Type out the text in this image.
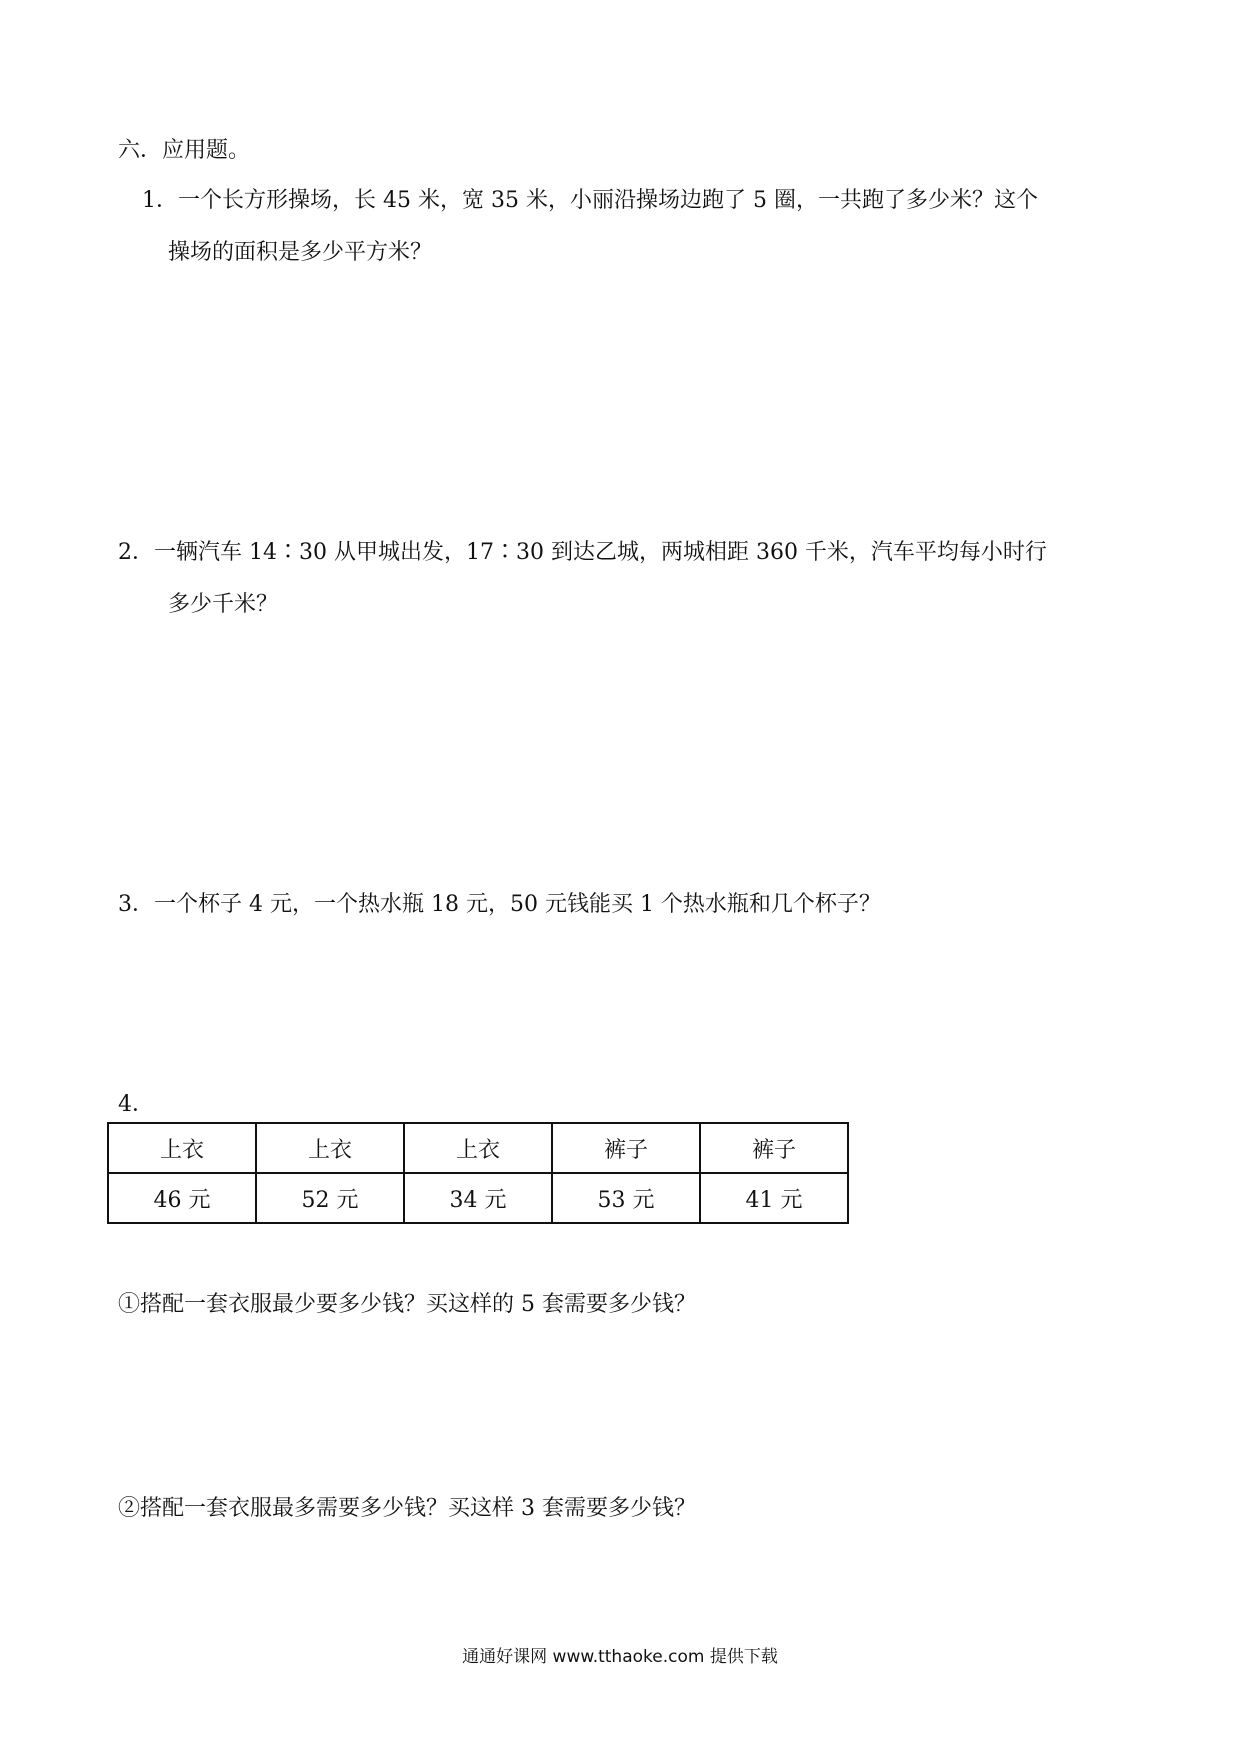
六．应用题。
1．一个长方形操场，长 45 米，宽 35 米，小丽沿操场边跑了 5 圈，一共跑了多少米？这个
操场的面积是多少平方米？
2．一辆汽车 14∶30 从甲城出发，17∶30 到达乙城，两城相距 360 千米，汽车平均每小时行
多少千米？
3．一个杯子 4 元，一个热水瓶 18 元，50 元钱能买 1 个热水瓶和几个杯子？
4．
上衣	上衣	上衣	裤子	裤子
46 元	52 元	34 元	53 元	41 元
①搭配一套衣服最少要多少钱？买这样的 5 套需要多少钱？
②搭配一套衣服最多需要多少钱？买这样 3 套需要多少钱？
通通好课网 www.tthaoke.com 提供下载
